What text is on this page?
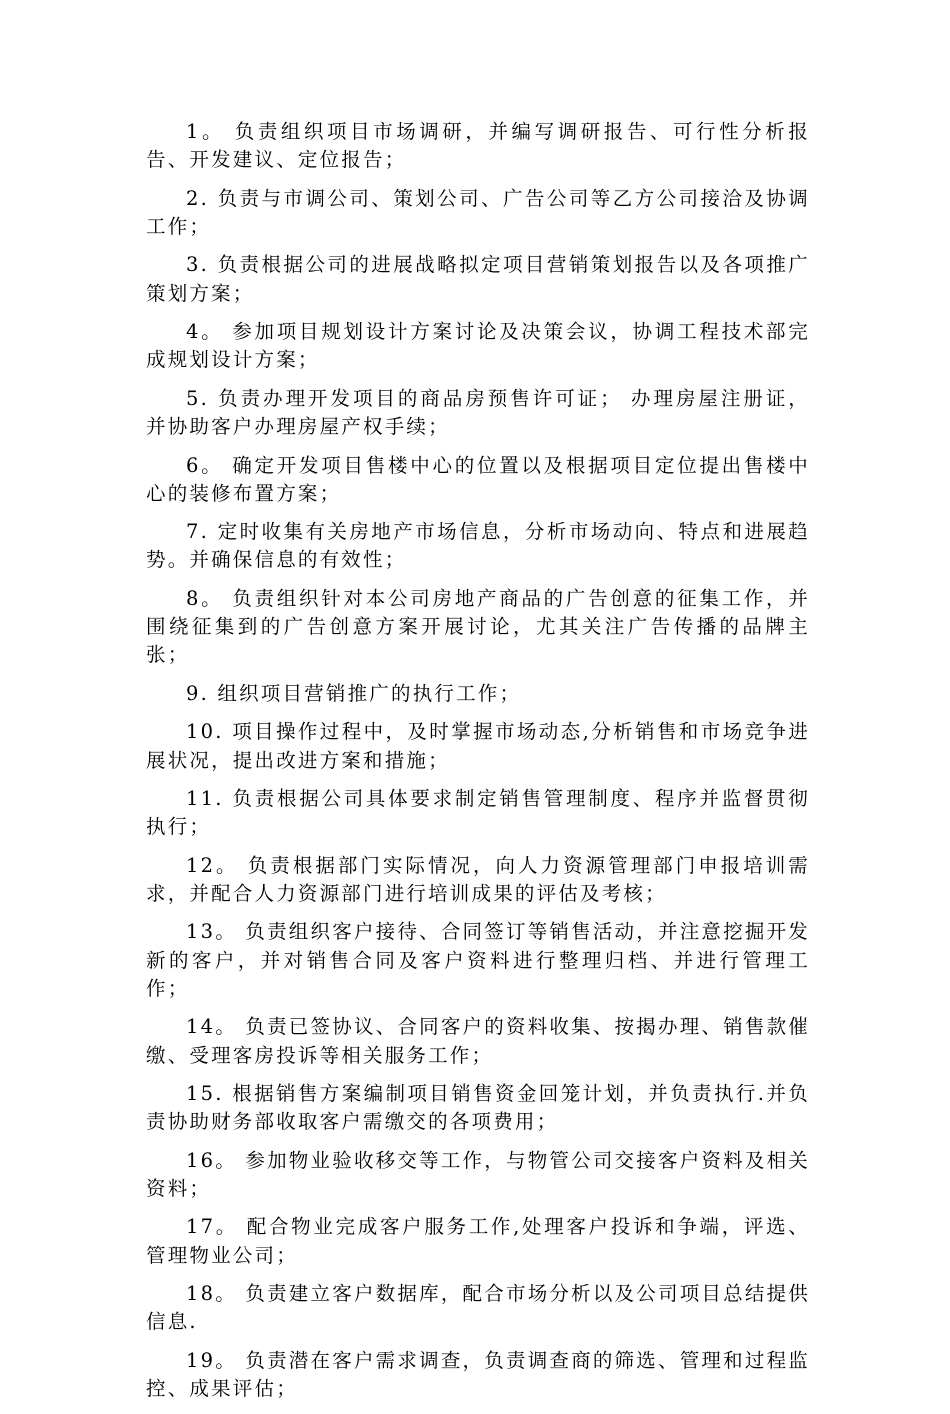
1。 负责组织项目市场调研，并编写调研报告、可行性分析报告、开发建议、定位报告；

2. 负责与市调公司、策划公司、广告公司等乙方公司接洽及协调工作；

3. 负责根据公司的进展战略拟定项目营销策划报告以及各项推广策划方案；

4。 参加项目规划设计方案讨论及决策会议，协调工程技术部完成规划设计方案；

5. 负责办理开发项目的商品房预售许可证； 办理房屋注册证，并协助客户办理房屋产权手续；

6。 确定开发项目售楼中心的位置以及根据项目定位提出售楼中心的装修布置方案；

7. 定时收集有关房地产市场信息，分析市场动向、特点和进展趋势。并确保信息的有效性；

8。 负责组织针对本公司房地产商品的广告创意的征集工作，并围绕征集到的广告创意方案开展讨论，尤其关注广告传播的品牌主张；

9. 组织项目营销推广的执行工作；

10. 项目操作过程中，及时掌握市场动态,分析销售和市场竞争进展状况，提出改进方案和措施；

11. 负责根据公司具体要求制定销售管理制度、程序并监督贯彻执行；

12。 负责根据部门实际情况，向人力资源管理部门申报培训需求，并配合人力资源部门进行培训成果的评估及考核；

13。 负责组织客户接待、合同签订等销售活动，并注意挖掘开发新的客户，并对销售合同及客户资料进行整理归档、并进行管理工作；

14。 负责已签协议、合同客户的资料收集、按揭办理、销售款催缴、受理客房投诉等相关服务工作；

15. 根据销售方案编制项目销售资金回笼计划，并负责执行.并负责协助财务部收取客户需缴交的各项费用；

16。 参加物业验收移交等工作，与物管公司交接客户资料及相关资料；

17。 配合物业完成客户服务工作,处理客户投诉和争端，评选、管理物业公司；

18。 负责建立客户数据库，配合市场分析以及公司项目总结提供信息.

19。 负责潜在客户需求调查，负责调查商的筛选、管理和过程监控、成果评估；
